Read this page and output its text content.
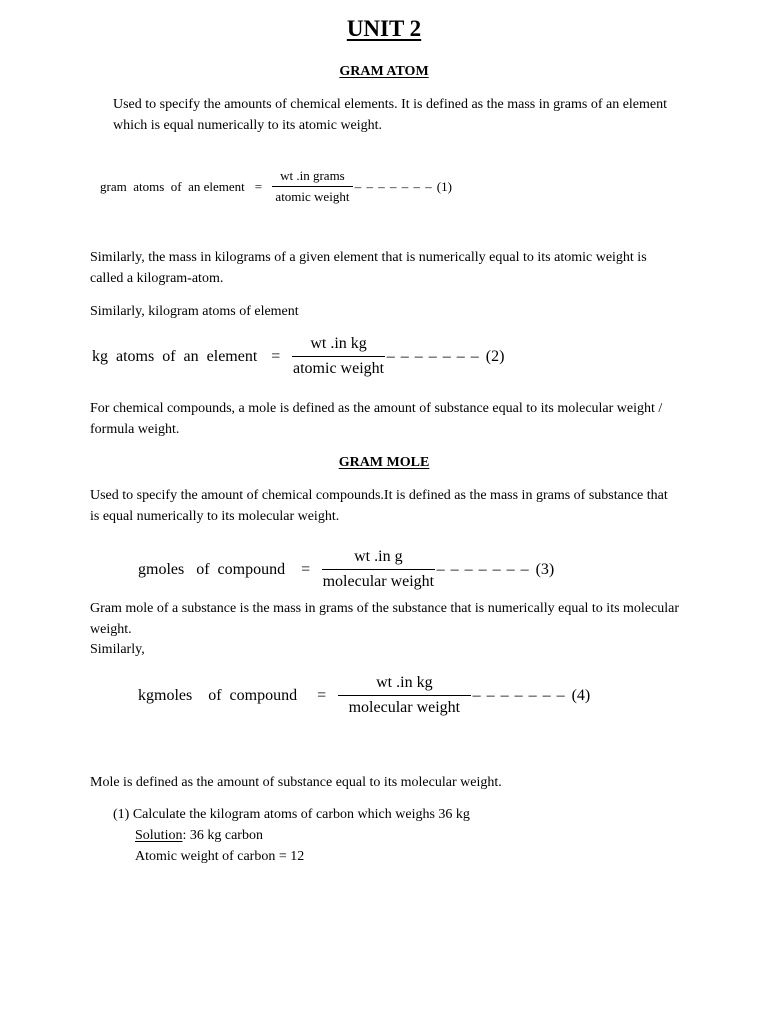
UNIT 2
GRAM ATOM
Used to specify the amounts of chemical elements. It is defined as the mass in grams of an element which is equal numerically to its atomic weight.
gram  atoms  of  an element = $\frac{\text{wt .in grams}}{\text{atomic weight}}$ – – – – – – – (1)
Similarly, the mass in kilograms of a given element that is numerically equal to its atomic weight is called a kilogram-atom.
Similarly, kilogram atoms of element
kg  atoms  of  an  element = $\frac{\text{wt .in kg}}{\text{atomic weight}}$ – – – – – – – (2)
For chemical compounds, a mole is defined as the amount of substance equal to its molecular weight / formula weight.
GRAM MOLE
Used to specify the amount of chemical compounds.It is defined as the mass in grams of substance that is equal numerically to its molecular weight.
gmoles   of  compound = $\frac{\text{wt .in g}}{\text{molecular weight}}$ – – – – – – – (3)
Gram mole of a substance is the mass in grams of the substance that is numerically equal to its molecular weight.
Similarly,
kgmoles    of  compound = $\frac{\text{wt .in kg}}{\text{molecular weight}}$ – – – – – – – (4)
Mole is defined as the amount of substance equal to its molecular weight.
(1) Calculate the kilogram atoms of carbon which weighs 36 kg
Solution: 36 kg carbon
Atomic weight of carbon = 12
